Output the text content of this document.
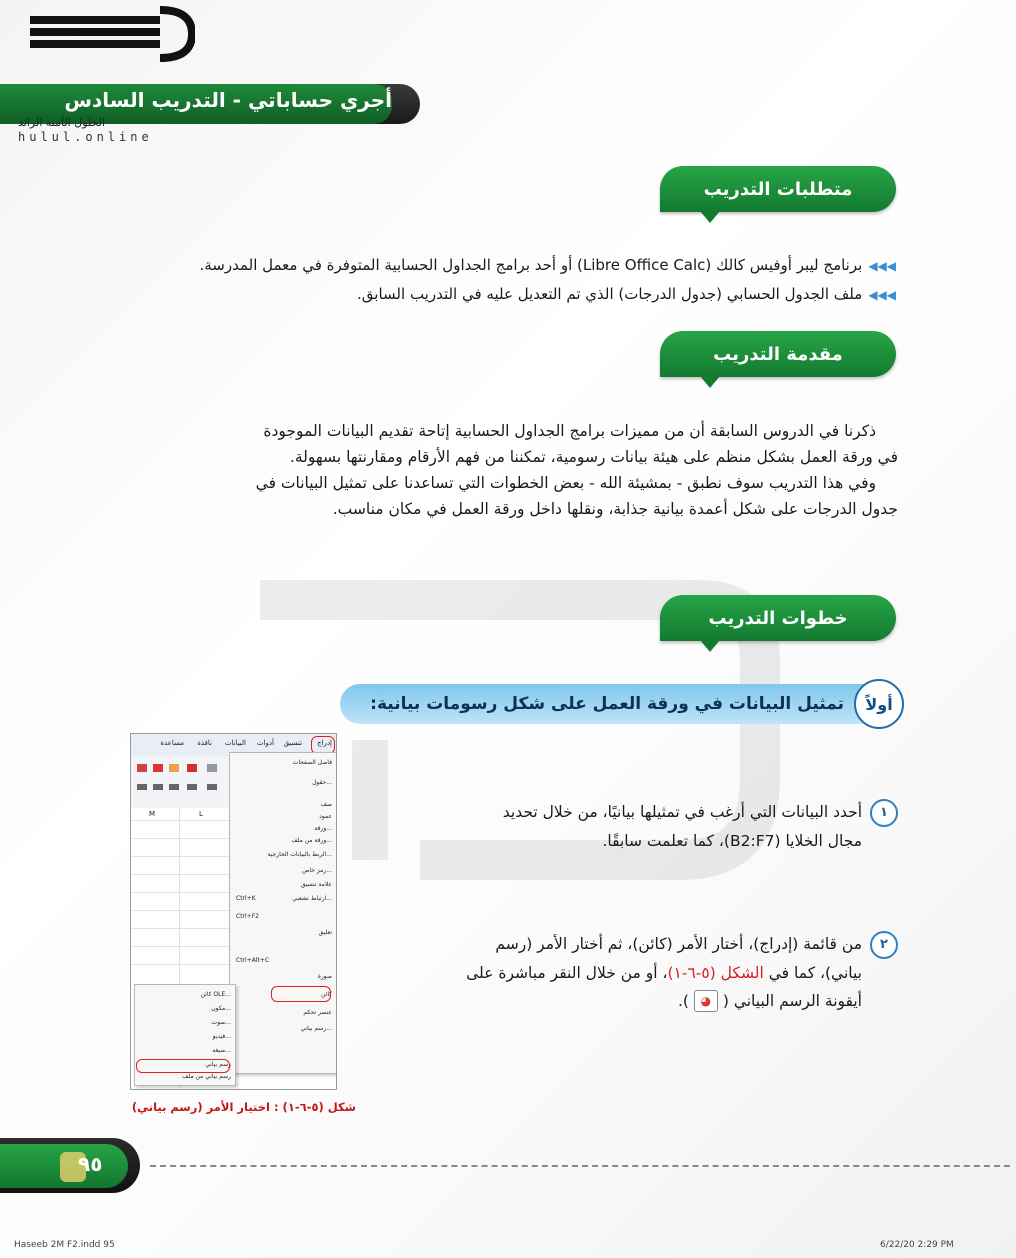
أجري حساباتي - التدريب السادس
الحلول الآمنة الرائد
hulul.online
متطلبات التدريب
◀◀◀برنامج ليبر أوفيس كالك (Libre Office Calc) أو أحد برامج الجداول الحسابية المتوفرة في معمل المدرسة.
◀◀◀ملف الجدول الحسابي (جدول الدرجات) الذي تم التعديل عليه في التدريب السابق.
مقدمة التدريب
ذكرنا في الدروس السابقة أن من مميزات برامج الجداول الحسابية إتاحة تقديم البيانات الموجودة
في ورقة العمل بشكل منظم على هيئة بيانات رسومية، تمكننا من فهم الأرقام ومقارنتها بسهولة.
وفي هذا التدريب سوف نطبق - بمشيئة الله - بعض الخطوات التي تساعدنا على تمثيل البيانات في
جدول الدرجات على شكل أعمدة بيانية جذابة، ونقلها داخل ورقة العمل في مكان مناسب.
خطوات التدريب
أولاً
تمثيل البيانات في ورقة العمل على شكل رسومات بيانية:
١أحدد البيانات التي أرغب في تمثيلها بيانيًا، من خلال تحديد
مجال الخلايا (B2:F7)، كما تعلمت سابقًا.
٢من قائمة (إدراج)، أختار الأمر (كائن)، ثم أختار الأمر (رسم
بياني)، كما في الشكل (٥-٦-١)، أو من خلال النقر مباشرة على
أيقونة الرسم البياني ( ◕ ).
إدراج
تنسيق
أدوات
البيانات
نافذة
مساعدة
M	L
فاصل الصفحات
حقول...
صف
عمود
ورقة...
ورقة من ملف...
الربط بالبيانات الخارجية...
رمز خاص...
علامة تنسيق
ارتباط تشعبي...
تعليق
صورة
كائن
عنصر تحكم
رسم بياني...
Ctrl+K
Ctrl+F2
Ctrl+Alt+C
كائن OLE...
مكون...
صوت...
فيديو...
صيغة...
رسم بياني
رسم بياني من ملف
شكل (٥-٦-١) : اختيار الأمر (رسم بياني)
٩٥
Haseeb 2M F2.indd 95	6/22/20 2:29 PM
